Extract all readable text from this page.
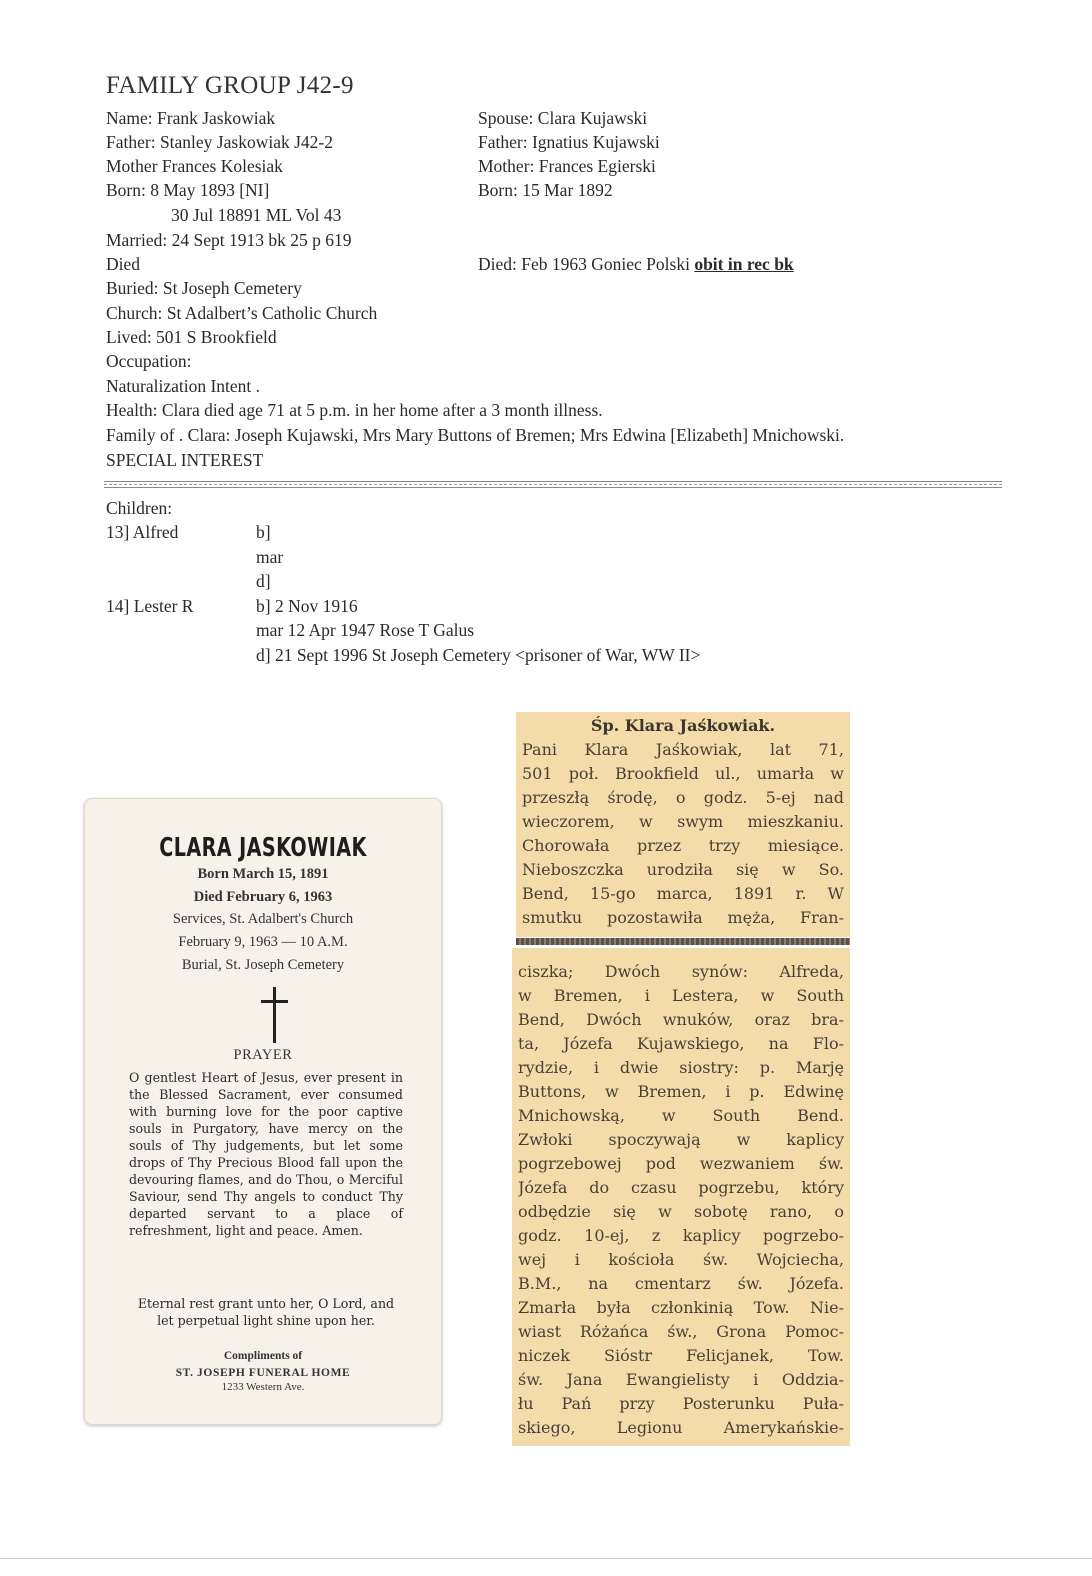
FAMILY GROUP J42-9
Name: Frank Jaskowiak
Father: Stanley Jaskowiak J42-2
Mother Frances Kolesiak
Born: 8 May 1893 [NI]
30 Jul 18891 ML Vol 43
Married: 24 Sept 1913 bk 25 p 619
Died
Buried: St Joseph Cemetery
Church: St Adalbert’s Catholic Church
Lived: 501 S Brookfield
Occupation:
Naturalization Intent .
Health: Clara died age 71 at 5 p.m. in her home after a 3 month illness.
Family of . Clara: Joseph Kujawski, Mrs Mary Buttons of Bremen; Mrs Edwina [Elizabeth] Mnichowski.
SPECIAL INTEREST
Spouse: Clara Kujawski
Father: Ignatius Kujawski
Mother: Frances Egierski
Born: 15 Mar 1892
Died: Feb 1963 Goniec Polski obit in rec bk
Children:
13] Alfred	b]
mar
d]
14] Lester R	b] 2 Nov 1916
mar 12 Apr 1947 Rose T Galus
d] 21 Sept 1996 St Joseph Cemetery <prisoner of War, WW II>
CLARA JASKOWIAK
Born March 15, 1891
Died February 6, 1963
Services, St. Adalbert's Church
February 9, 1963 — 10 A.M.
Burial, St. Joseph Cemetery
PRAYER
O gentlest Heart of Jesus, ever present in the Blessed Sacrament, ever consumed with burning love for the poor captive souls in Purgatory, have mercy on the souls of Thy judgements, but let some drops of Thy Precious Blood fall upon the devouring flames, and do Thou, o Merciful Saviour, send Thy angels to conduct Thy departed servant to a place of refreshment, light and peace. Amen.
Eternal rest grant unto her, O Lord, and let perpetual light shine upon her.
Compliments of
ST. JOSEPH FUNERAL HOME
1233 Western Ave.
Śp. Klara Jaśkowiak.
Pani Klara Jaśkowiak, lat 71,
501 poł. Brookfield ul., umarła w
przeszłą środę, o godz. 5-ej nad
wieczorem, w swym mieszkaniu.
Chorowała przez trzy miesiące.
Nieboszczka urodziła się w So.
Bend, 15-go marca, 1891 r. W
smutku pozostawiła męża, Fran-
ciszka; Dwóch synów: Alfreda,
w Bremen, i Lestera, w South
Bend, Dwóch wnuków, oraz bra-
ta, Józefa Kujawskiego, na Flo-
rydzie, i dwie siostry: p. Marję
Buttons, w Bremen, i p. Edwinę
Mnichowską, w South Bend.
Zwłoki spoczywają w kaplicy
pogrzebowej pod wezwaniem św.
Józefa do czasu pogrzebu, który
odbędzie się w sobotę rano, o
godz. 10-ej, z kaplicy pogrzebo-
wej i kościoła św. Wojciecha,
B.M., na cmentarz św. Józefa.
Zmarła była członkinią Tow. Nie-
wiast Różańca św., Grona Pomoc-
niczek Sióstr Felicjanek, Tow.
św. Jana Ewangielisty i Oddzia-
łu Pań przy Posterunku Puła-
skiego, Legionu Amerykańskie-
